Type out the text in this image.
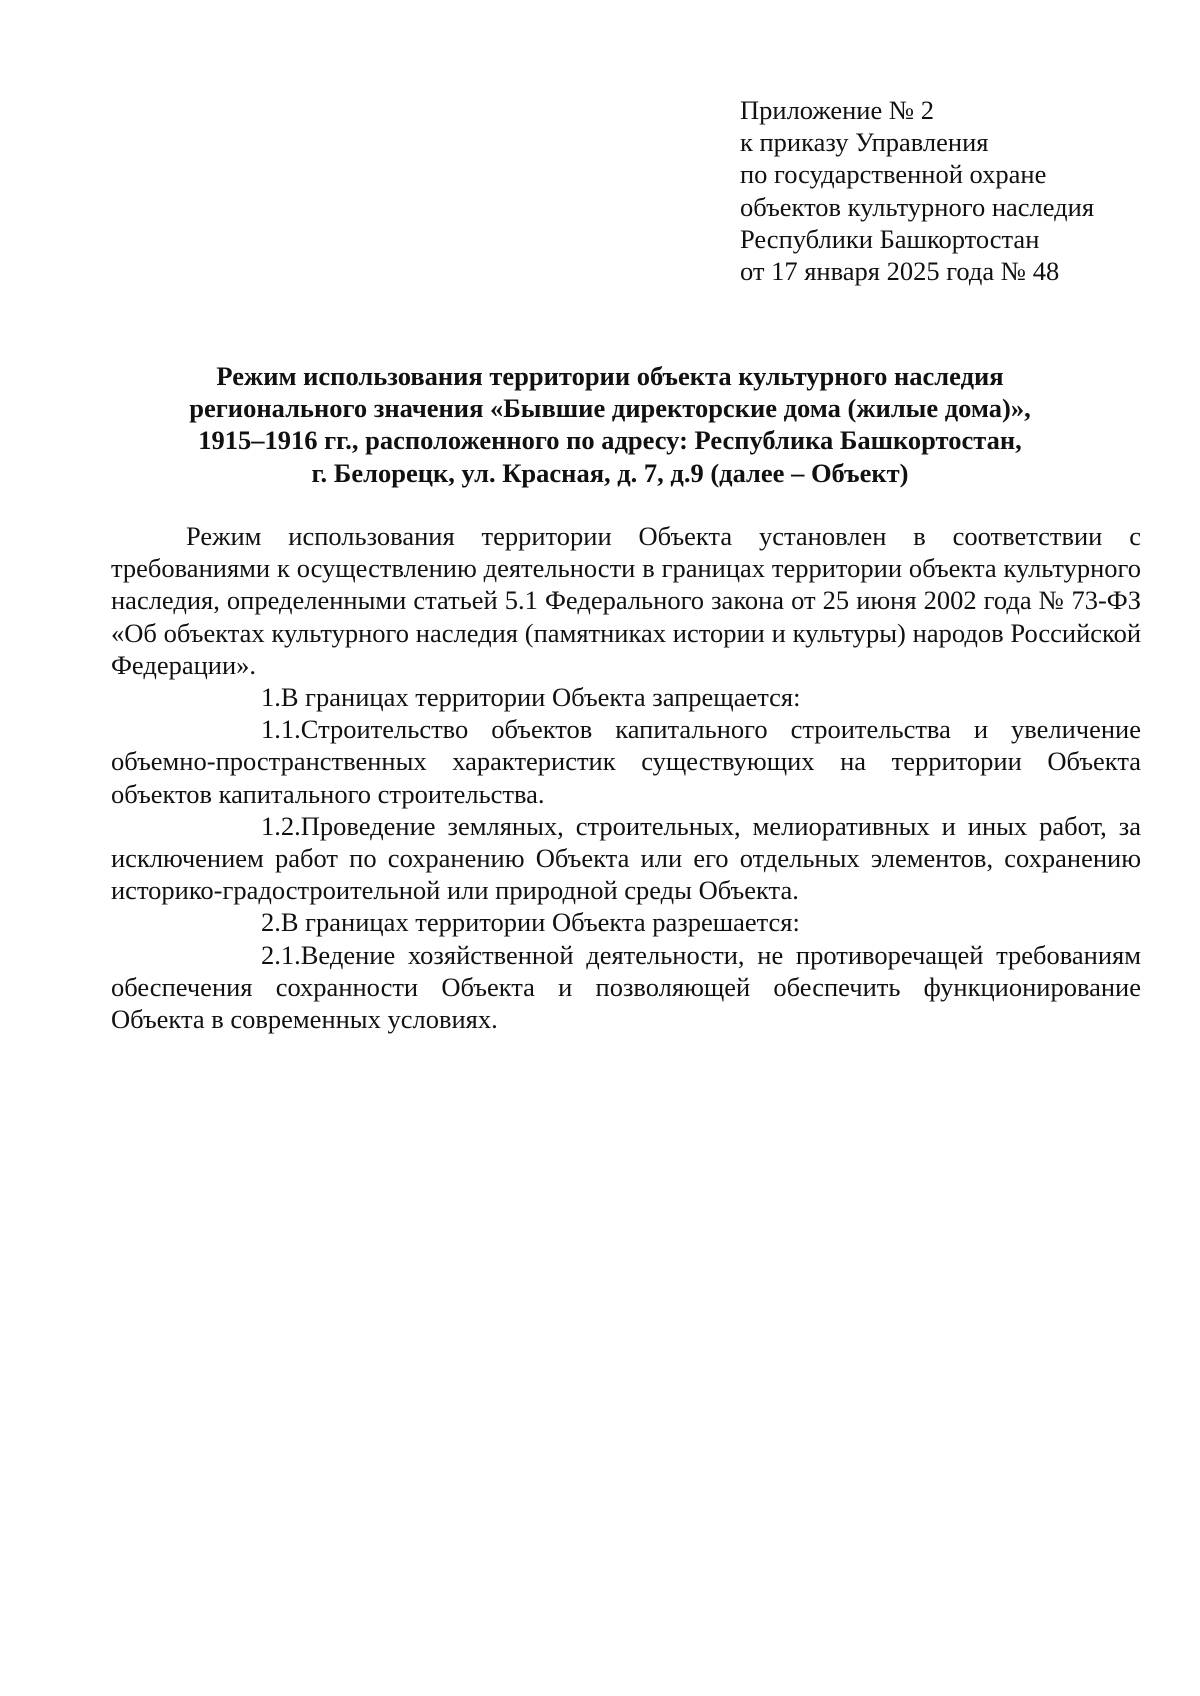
Приложение № 2
к приказу Управления
по государственной охране
объектов культурного наследия
Республики Башкортостан
от 17 января 2025 года № 48
Режим использования территории объекта культурного наследия
регионального значения «Бывшие директорские дома (жилые дома)»,
1915–1916 гг., расположенного по адресу: Республика Башкортостан,
г. Белорецк, ул. Красная, д. 7, д.9 (далее – Объект)

Режим использования территории Объекта установлен в соответствии с требованиями к осуществлению деятельности в границах территории объекта культурного наследия, определенными статьей 5.1 Федерального закона от 25 июня 2002 года № 73-ФЗ «Об объектах культурного наследия (памятниках истории и культуры) народов Российской Федерации».

1.В границах территории Объекта запрещается:

1.1.Строительство объектов капитального строительства и увеличение объемно-пространственных характеристик существующих на территории Объекта объектов капитального строительства.

1.2.Проведение земляных, строительных, мелиоративных и иных работ, за исключением работ по сохранению Объекта или его отдельных элементов, сохранению историко-градостроительной или природной среды Объекта.

2.В границах территории Объекта разрешается:

2.1.Ведение хозяйственной деятельности, не противоречащей требованиям обеспечения сохранности Объекта и позволяющей обеспечить функционирование Объекта в современных условиях.
